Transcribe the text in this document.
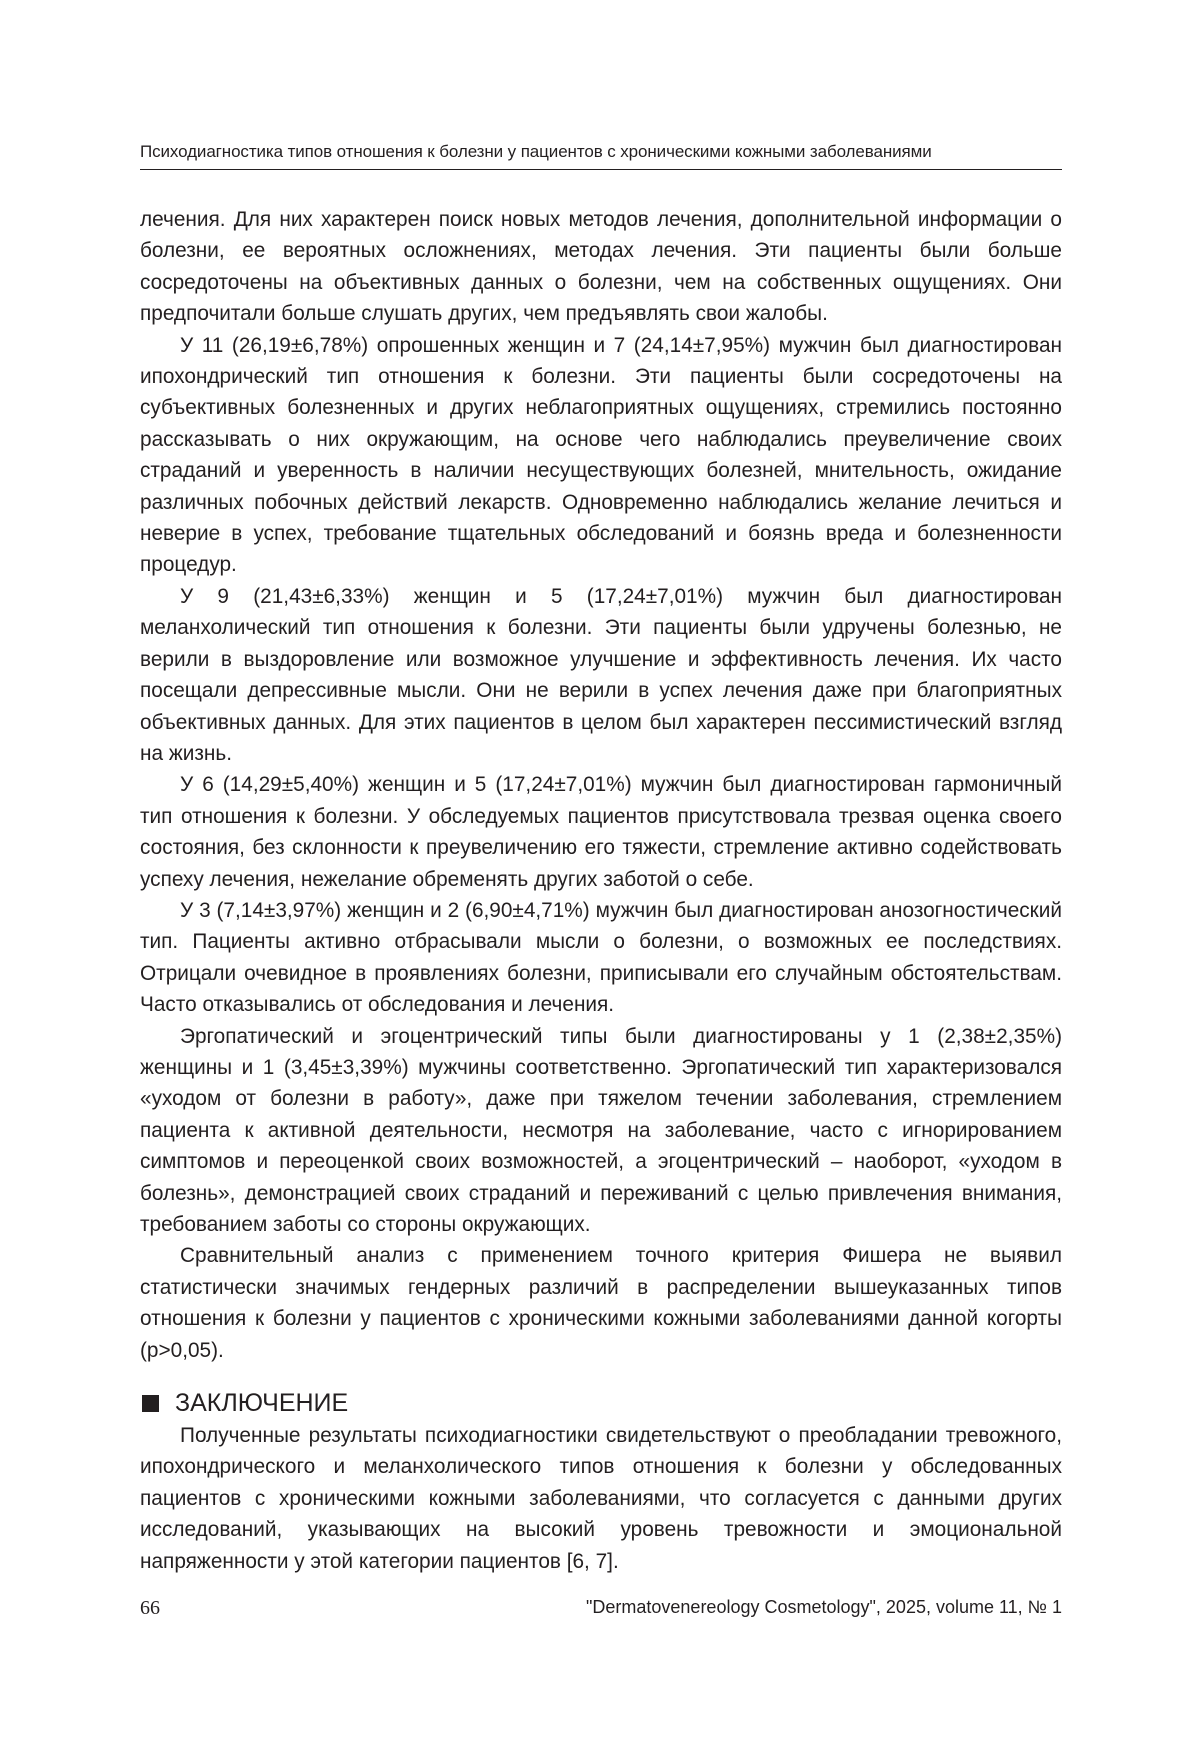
Психодиагностика типов отношения к болезни у пациентов с хроническими кожными заболеваниями

лечения. Для них характерен поиск новых методов лечения, дополнительной информации о болезни, ее вероятных осложнениях, методах лечения. Эти пациенты были больше сосредоточены на объективных данных о болезни, чем на собственных ощущениях. Они предпочитали больше слушать других, чем предъявлять свои жалобы.

У 11 (26,19±6,78%) опрошенных женщин и 7 (24,14±7,95%) мужчин был диагностирован ипохондрический тип отношения к болезни. Эти пациенты были сосредоточены на субъективных болезненных и других неблагоприятных ощущениях, стремились постоянно рассказывать о них окружающим, на основе чего наблюдались преувеличение своих страданий и уверенность в наличии несуществующих болезней, мнительность, ожидание различных побочных действий лекарств. Одновременно наблюдались желание лечиться и неверие в успех, требование тщательных обследований и боязнь вреда и болезненности процедур.

У 9 (21,43±6,33%) женщин и 5 (17,24±7,01%) мужчин был диагностирован меланхолический тип отношения к болезни. Эти пациенты были удручены болезнью, не верили в выздоровление или возможное улучшение и эффективность лечения. Их часто посещали депрессивные мысли. Они не верили в успех лечения даже при благоприятных объективных данных. Для этих пациентов в целом был характерен пессимистический взгляд на жизнь.

У 6 (14,29±5,40%) женщин и 5 (17,24±7,01%) мужчин был диагностирован гармоничный тип отношения к болезни. У обследуемых пациентов присутствовала трезвая оценка своего состояния, без склонности к преувеличению его тяжести, стремление активно содействовать успеху лечения, нежелание обременять других заботой о себе.

У 3 (7,14±3,97%) женщин и 2 (6,90±4,71%) мужчин был диагностирован анозогностический тип. Пациенты активно отбрасывали мысли о болезни, о возможных ее последствиях. Отрицали очевидное в проявлениях болезни, приписывали его случайным обстоятельствам. Часто отказывались от обследования и лечения.

Эргопатический и эгоцентрический типы были диагностированы у 1 (2,38±2,35%) женщины и 1 (3,45±3,39%) мужчины соответственно. Эргопатический тип характеризовался «уходом от болезни в работу», даже при тяжелом течении заболевания, стремлением пациента к активной деятельности, несмотря на заболевание, часто с игнорированием симптомов и переоценкой своих возможностей, а эгоцентрический – наоборот, «уходом в болезнь», демонстрацией своих страданий и переживаний с целью привлечения внимания, требованием заботы со стороны окружающих.

Сравнительный анализ с применением точного критерия Фишера не выявил статистически значимых гендерных различий в распределении вышеуказанных типов отношения к болезни у пациентов с хроническими кожными заболеваниями данной когорты (p>0,05).

ЗАКЛЮЧЕНИЕ

Полученные результаты психодиагностики свидетельствуют о преобладании тревожного, ипохондрического и меланхолического типов отношения к болезни у обследованных пациентов с хроническими кожными заболеваниями, что согласуется с данными других исследований, указывающих на высокий уровень тревожности и эмоциональной напряженности у этой категории пациентов [6, 7].

66	"Dermatovenereology Cosmetology", 2025, volume 11, № 1
